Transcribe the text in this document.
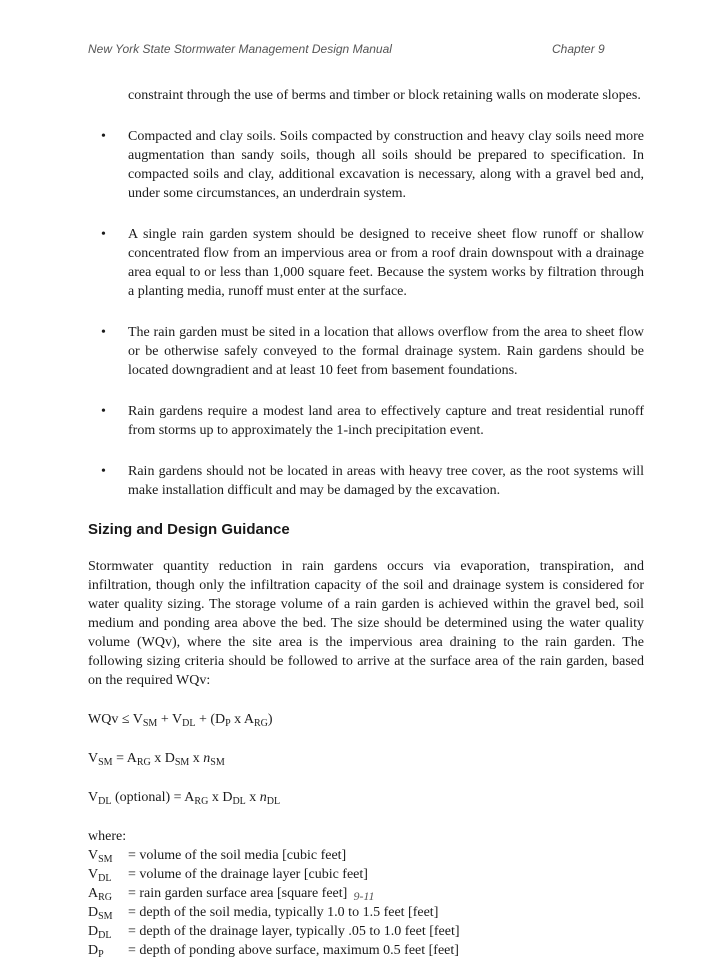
New York State Stormwater Management Design Manual	Chapter 9

constraint through the use of berms and timber or block retaining walls on moderate slopes.

• Compacted and clay soils. Soils compacted by construction and heavy clay soils need more augmentation than sandy soils, though all soils should be prepared to specification. In compacted soils and clay, additional excavation is necessary, along with a gravel bed and, under some circumstances, an underdrain system.
• A single rain garden system should be designed to receive sheet flow runoff or shallow concentrated flow from an impervious area or from a roof drain downspout with a drainage area equal to or less than 1,000 square feet. Because the system works by filtration through a planting media, runoff must enter at the surface.
• The rain garden must be sited in a location that allows overflow from the area to sheet flow or be otherwise safely conveyed to the formal drainage system. Rain gardens should be located downgradient and at least 10 feet from basement foundations.
• Rain gardens require a modest land area to effectively capture and treat residential runoff from storms up to approximately the 1-inch precipitation event.
• Rain gardens should not be located in areas with heavy tree cover, as the root systems will make installation difficult and may be damaged by the excavation.
Sizing and Design Guidance

Stormwater quantity reduction in rain gardens occurs via evaporation, transpiration, and infiltration, though only the infiltration capacity of the soil and drainage system is considered for water quality sizing. The storage volume of a rain garden is achieved within the gravel bed, soil medium and ponding area above the bed. The size should be determined using the water quality volume (WQv), where the site area is the impervious area draining to the rain garden. The following sizing criteria should be followed to arrive at the surface area of the rain garden, based on the required WQv:

WQv ≤ $V_{SM} + V_{DL} + (D_P$ x $A_{RG}$)

$V_{SM} = A_{RG}$ x $D_{SM}$ x $n_{SM}$

$V_{DL}$ (optional) = $A_{RG}$ x $D_{DL}$ x $n_{DL}$

where:
$V_{SM}$	= volume of the soil media [cubic feet]
$V_{DL}$	= volume of the drainage layer [cubic feet]
$A_{RG}$	= rain garden surface area [square feet]
$D_{SM}$	= depth of the soil media, typically 1.0 to 1.5 feet [feet]
$D_{DL}$	= depth of the drainage layer, typically .05 to 1.0 feet [feet]
$D_P$	= depth of ponding above surface, maximum 0.5 feet [feet]
9-11
